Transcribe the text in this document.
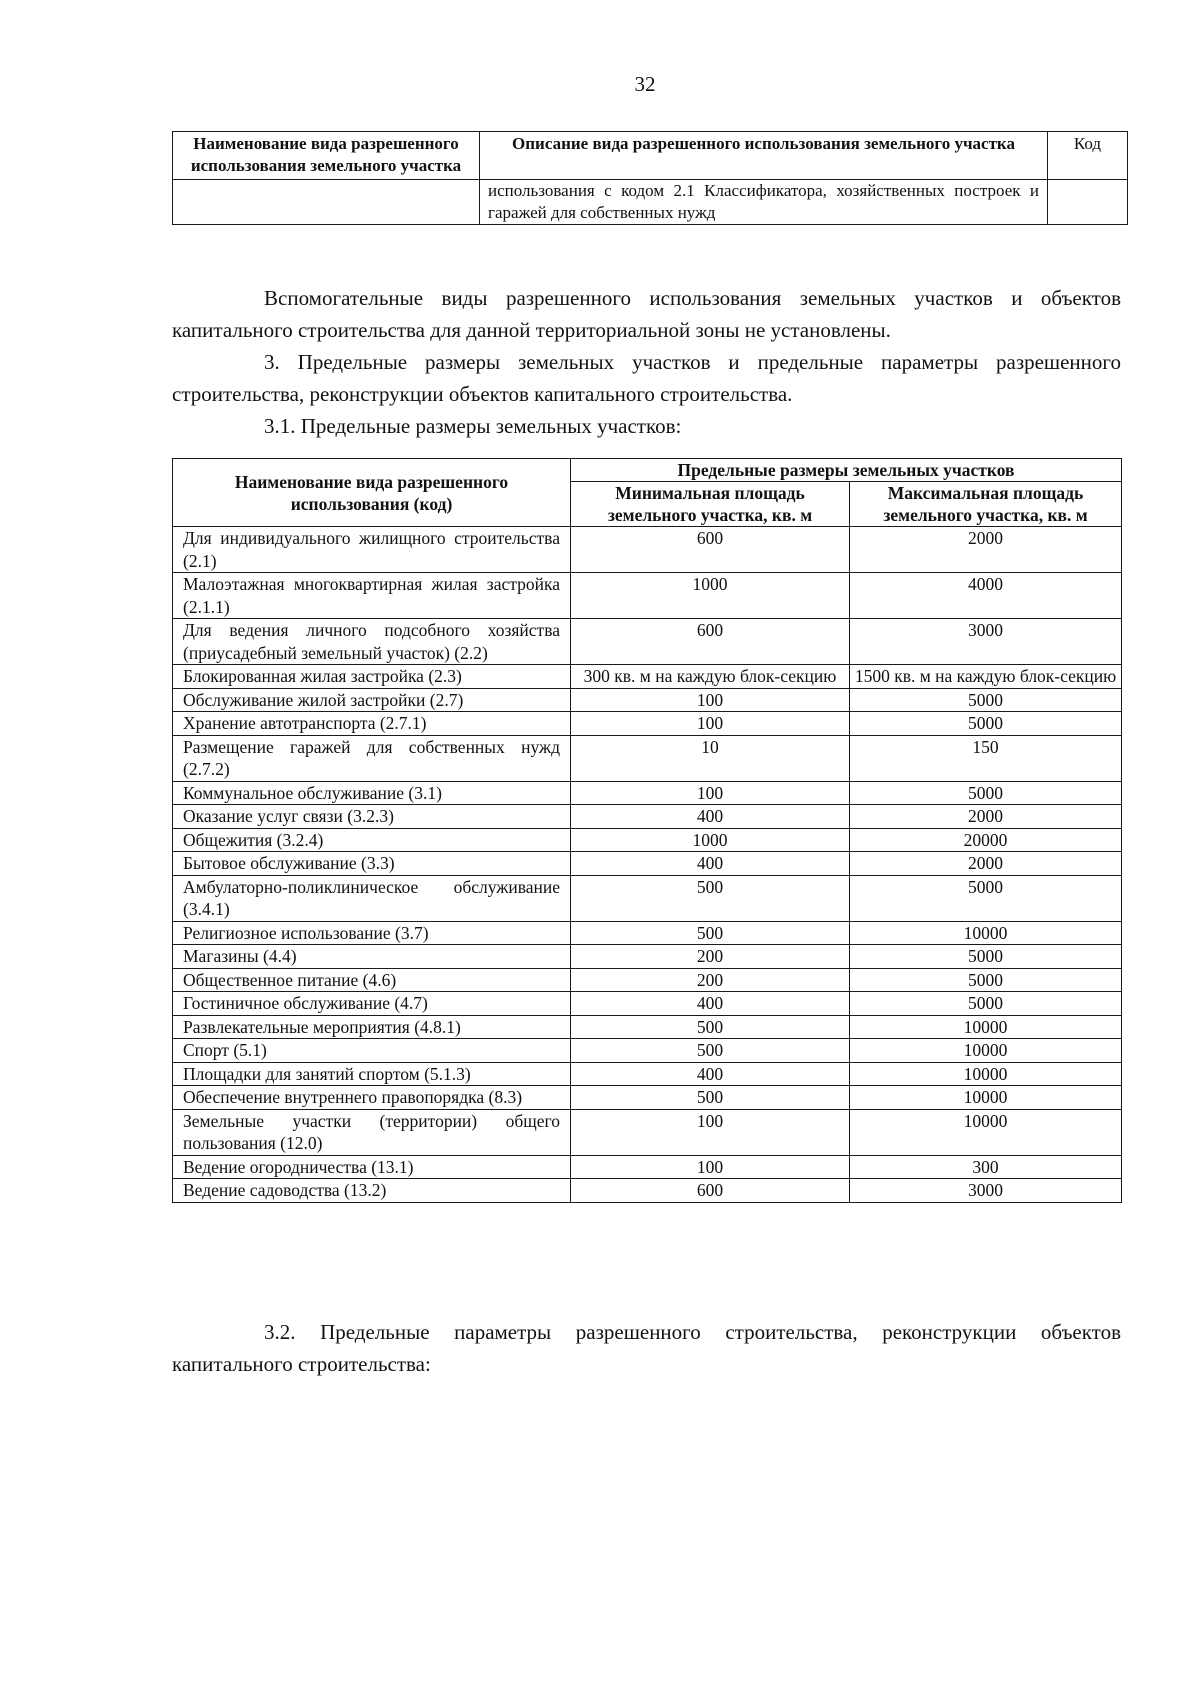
32
Наименование вида разрешенного использования земельного участка	Описание вида разрешенного использования земельного участка	Код
	использования с кодом 2.1 Классификатора, хозяйственных построек и гаражей для собственных нужд	

Вспомогательные виды разрешенного использования земельных участков и объектов капитального строительства для данной территориальной зоны не установлены.

3. Предельные размеры земельных участков и предельные параметры разрешенного строительства, реконструкции объектов капитального строительства.

3.1. Предельные размеры земельных участков:

Наименование вида разрешенного использования (код)	Предельные размеры земельных участков	
	Минимальная площадь земельного участка, кв. м	Максимальная площадь земельного участка, кв. м
Для индивидуального жилищного строительства (2.1)	600	2000
Малоэтажная многоквартирная жилая застройка (2.1.1)	1000	4000
Для ведения личного подсобного хозяйства (приусадебный земельный участок) (2.2)	600	3000
Блокированная жилая застройка (2.3)	300 кв. м на каждую блок-секцию	1500 кв. м на каждую блок-секцию
Обслуживание жилой застройки (2.7)	100	5000
Хранение автотранспорта (2.7.1)	100	5000
Размещение гаражей для собственных нужд (2.7.2)	10	150
Коммунальное обслуживание (3.1)	100	5000
Оказание услуг связи (3.2.3)	400	2000
Общежития (3.2.4)	1000	20000
Бытовое обслуживание (3.3)	400	2000
Амбулаторно-поликлиническое обслуживание (3.4.1)	500	5000
Религиозное использование (3.7)	500	10000
Магазины (4.4)	200	5000
Общественное питание (4.6)	200	5000
Гостиничное обслуживание (4.7)	400	5000
Развлекательные мероприятия (4.8.1)	500	10000
Спорт (5.1)	500	10000
Площадки для занятий спортом (5.1.3)	400	10000
Обеспечение внутреннего правопорядка (8.3)	500	10000
Земельные участки (территории) общего пользования (12.0)	100	10000
Ведение огородничества (13.1)	100	300
Ведение садоводства (13.2)	600	3000

3.2. Предельные параметры разрешенного строительства, реконструкции объектов капитального строительства:
